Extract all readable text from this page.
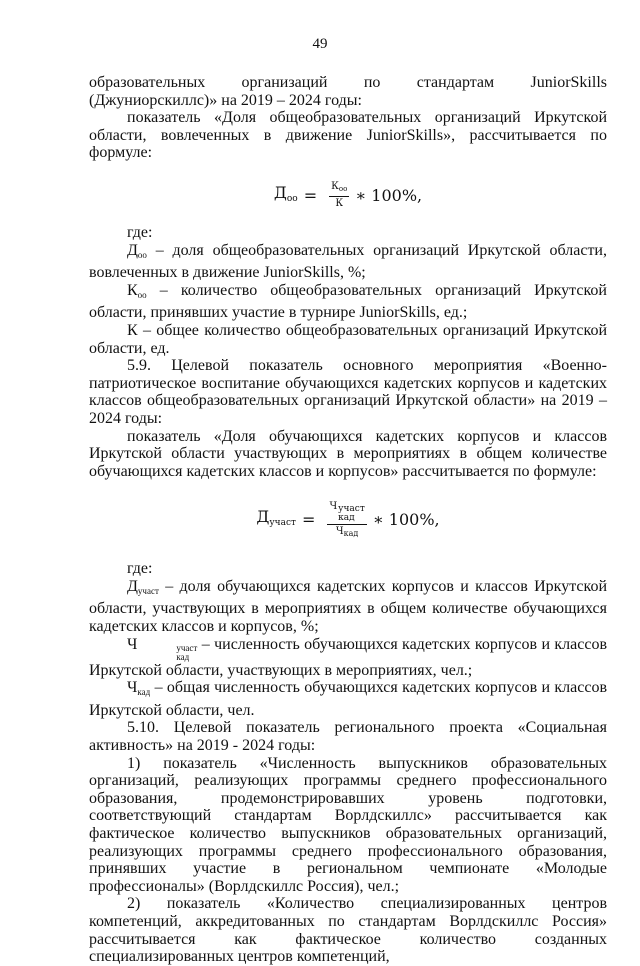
49

образовательных организаций по стандартам JuniorSkills (Джуниорскиллс)» на 2019 – 2024 годы:

показатель «Доля общеобразовательных организаций Иркутской области, вовлеченных в движение JuniorSkills», рассчитывается по формуле:

$Д_{оо} = \frac{К_{оо}}{К}$ ∗ 100%,

где:

$Д_{оо}$ – доля общеобразовательных организаций Иркутской области, вовлеченных в движение JuniorSkills, %;

$К_{оо}$ – количество общеобразовательных организаций Иркутской области, принявших участие в турнире JuniorSkills, ед.;

К – общее количество общеобразовательных организаций Иркутской области, ед.

5.9. Целевой показатель основного мероприятия «Военно-патриотическое воспитание обучающихся кадетских корпусов и кадетских классов общеобразовательных организаций Иркутской области» на 2019 – 2024 годы:

показатель «Доля обучающихся кадетских корпусов и классов Иркутской области участвующих в мероприятиях в общем количестве обучающихся кадетских классов и корпусов» рассчитывается по формуле:

$Д_{участ} = Ч$ участ
кад
$Ч_{кад}$ ∗ 100%,

где:

$Д_{участ}$ – доля обучающихся кадетских корпусов и классов Иркутской области, участвующих в мероприятиях в общем количестве обучающихся кадетских классов и корпусов, %;

Ч	участ
кад
– численность обучающихся кадетских корпусов и классов Иркутской области, участвующих в мероприятиях, чел.;

$Ч_{кад}$ – общая численность обучающихся кадетских корпусов и классов Иркутской области, чел.

5.10. Целевой показатель регионального проекта «Социальная активность» на 2019 - 2024 годы:

1) показатель «Численность выпускников образовательных организаций, реализующих программы среднего профессионального образования, продемонстрировавших уровень подготовки, соответствующий стандартам Ворлдскиллс» рассчитывается как фактическое количество выпускников образовательных организаций, реализующих программы среднего профессионального образования, принявших участие в региональном чемпионате «Молодые профессионалы» (Ворлдскиллс Россия), чел.;

2) показатель «Количество специализированных центров компетенций, аккредитованных по стандартам Ворлдскиллс Россия» рассчитывается как фактическое количество созданных специализированных центров компетенций,
